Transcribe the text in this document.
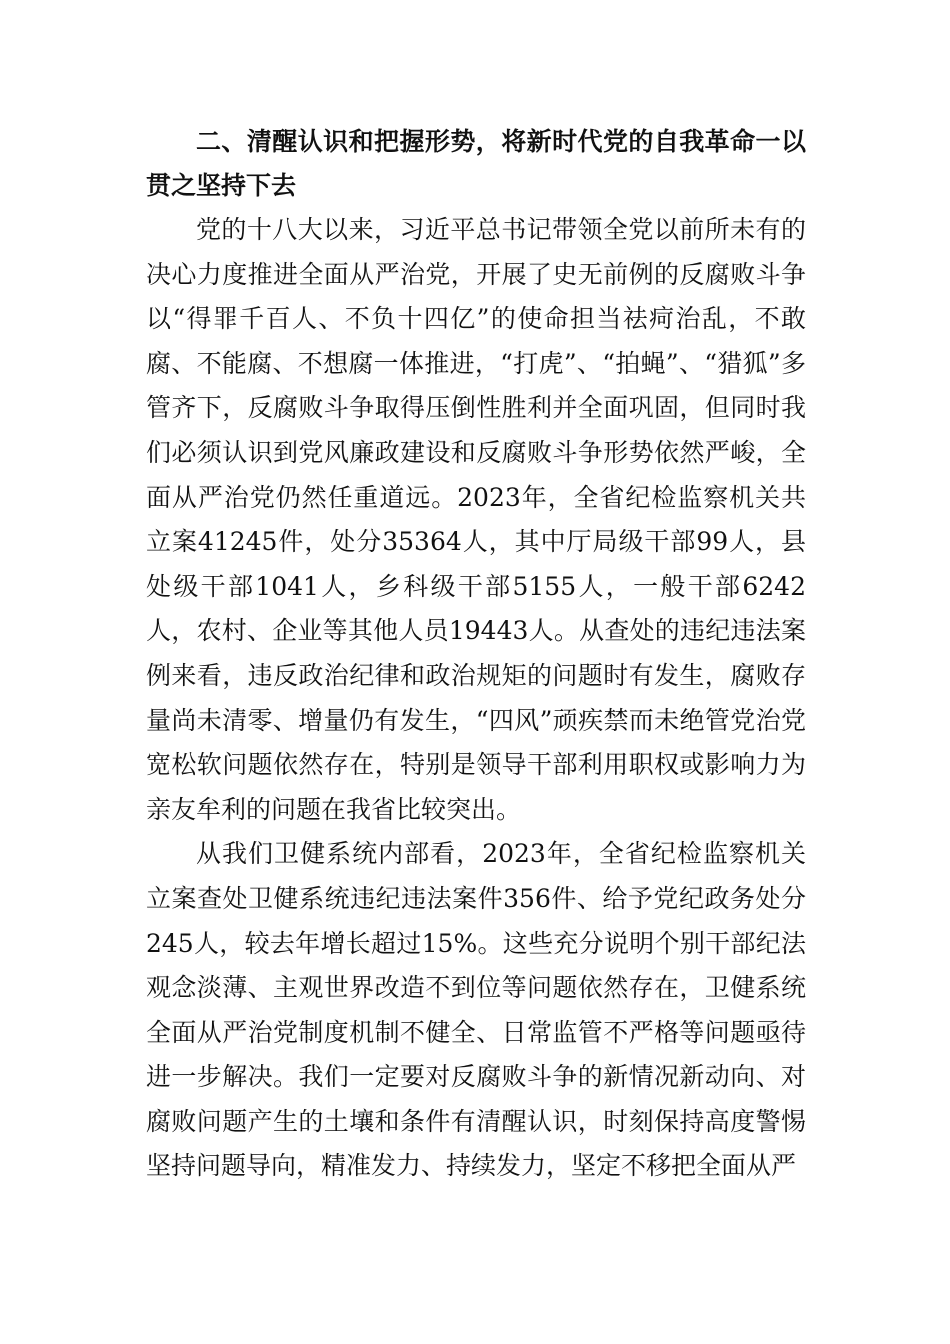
二、清醒认识和把握形势，将新时代党的自我革命一以贯之坚持下去

党的十八大以来，习近平总书记带领全党以前所未有的决心力度推进全面从严治党，开展了史无前例的反腐败斗争以“得罪千百人、不负十四亿”的使命担当祛疴治乱，不敢腐、不能腐、不想腐一体推进，“打虎”、“拍蝇”、“猎狐”多管齐下，反腐败斗争取得压倒性胜利并全面巩固，但同时我们必须认识到党风廉政建设和反腐败斗争形势依然严峻，全面从严治党仍然任重道远。2023年，全省纪检监察机关共立案41245件，处分35364人，其中厅局级干部99人，县处级干部1041人，乡科级干部5155人，一般干部6242人，农村、企业等其他人员19443人。从查处的违纪违法案例来看，违反政治纪律和政治规矩的问题时有发生，腐败存量尚未清零、增量仍有发生，“四风”顽疾禁而未绝管党治党宽松软问题依然存在，特别是领导干部利用职权或影响力为亲友牟利的问题在我省比较突出。

从我们卫健系统内部看，2023年，全省纪检监察机关立案查处卫健系统违纪违法案件356件、给予党纪政务处分245人，较去年增长超过15%。这些充分说明个别干部纪法观念淡薄、主观世界改造不到位等问题依然存在，卫健系统全面从严治党制度机制不健全、日常监管不严格等问题亟待进一步解决。我们一定要对反腐败斗争的新情况新动向、对腐败问题产生的土壤和条件有清醒认识，时刻保持高度警惕坚持问题导向，精准发力、持续发力，坚定不移把全面从严
